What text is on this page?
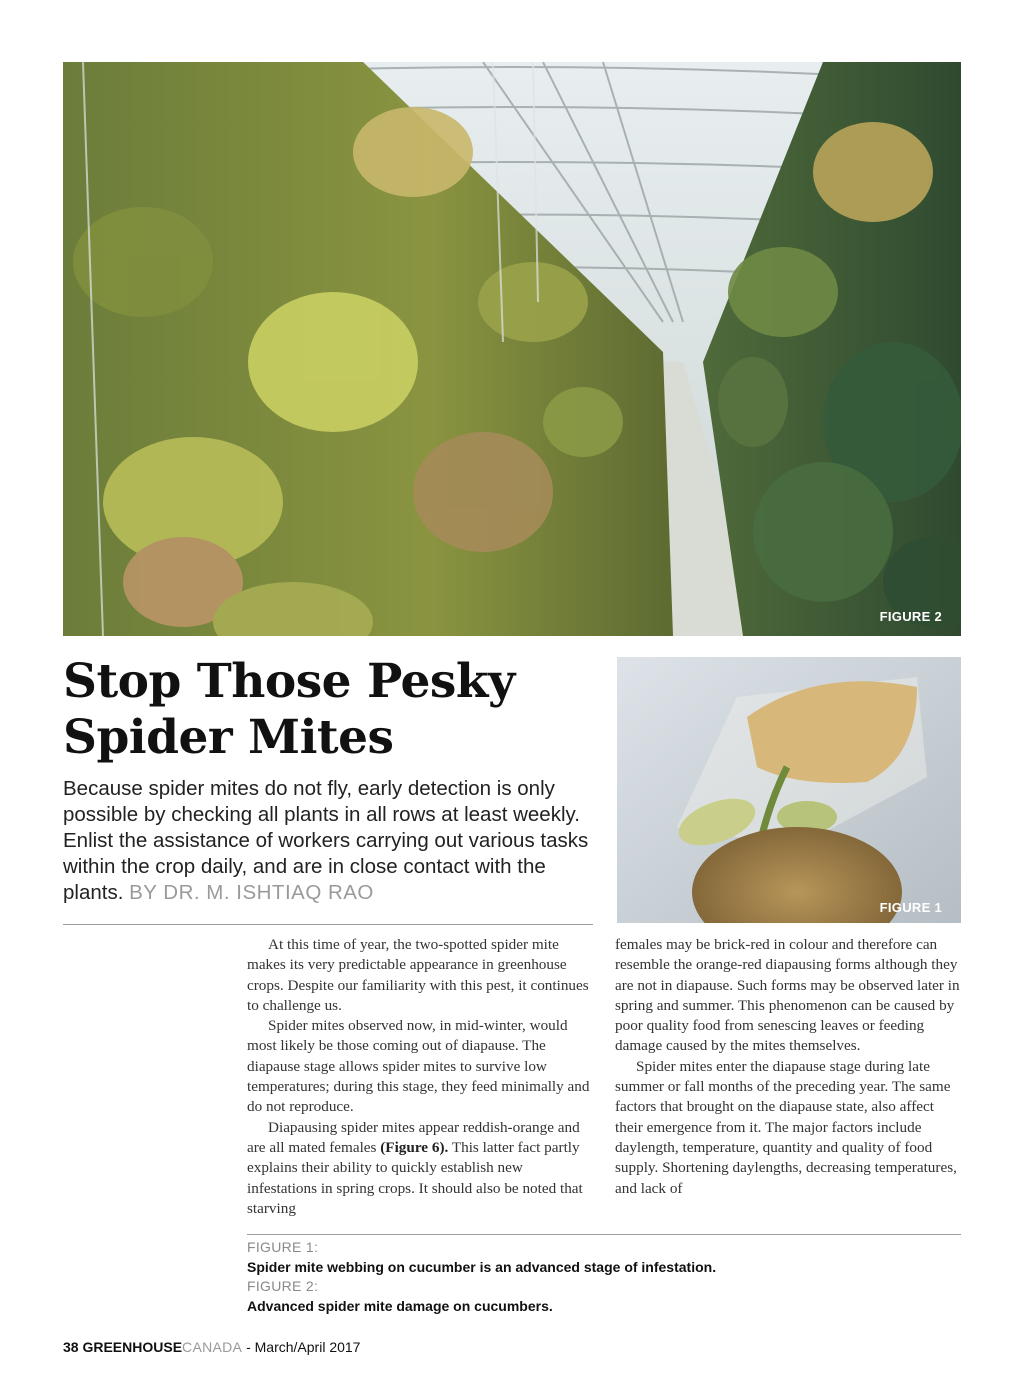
FIGURE 2
Stop Those Pesky
Spider Mites

Because spider mites do not fly, early detection is only possible by checking all plants in all rows at least weekly. Enlist the assistance of workers carrying out various tasks within the crop daily, and are in close contact with the plants. BY DR. M. ISHTIAQ RAO

FIGURE 1

At this time of year, the two-spotted spider mite makes its very predictable appearance in greenhouse crops. Despite our familiarity with this pest, it continues to challenge us.

Spider mites observed now, in mid-winter, would most likely be those coming out of diapause. The diapause stage allows spider mites to survive low temperatures; during this stage, they feed minimally and do not reproduce.

Diapausing spider mites appear reddish-orange and are all mated females (Figure 6). This latter fact partly explains their ability to quickly establish new infestations in spring crops. It should also be noted that starving

females may be brick-red in colour and therefore can resemble the orange-red diapausing forms although they are not in diapause. Such forms may be observed later in spring and summer. This phenomenon can be caused by poor quality food from senescing leaves or feeding damage caused by the mites themselves.

Spider mites enter the diapause stage during late summer or fall months of the preceding year. The same factors that brought on the diapause state, also affect their emergence from it. The major factors include daylength, temperature, quantity and quality of food supply. Shortening daylengths, decreasing temperatures, and lack of

FIGURE 1:
Spider mite webbing on cucumber is an advanced stage of infestation.
FIGURE 2:
Advanced spider mite damage on cucumbers.
38 GREENHOUSECANADA - March/April 2017
